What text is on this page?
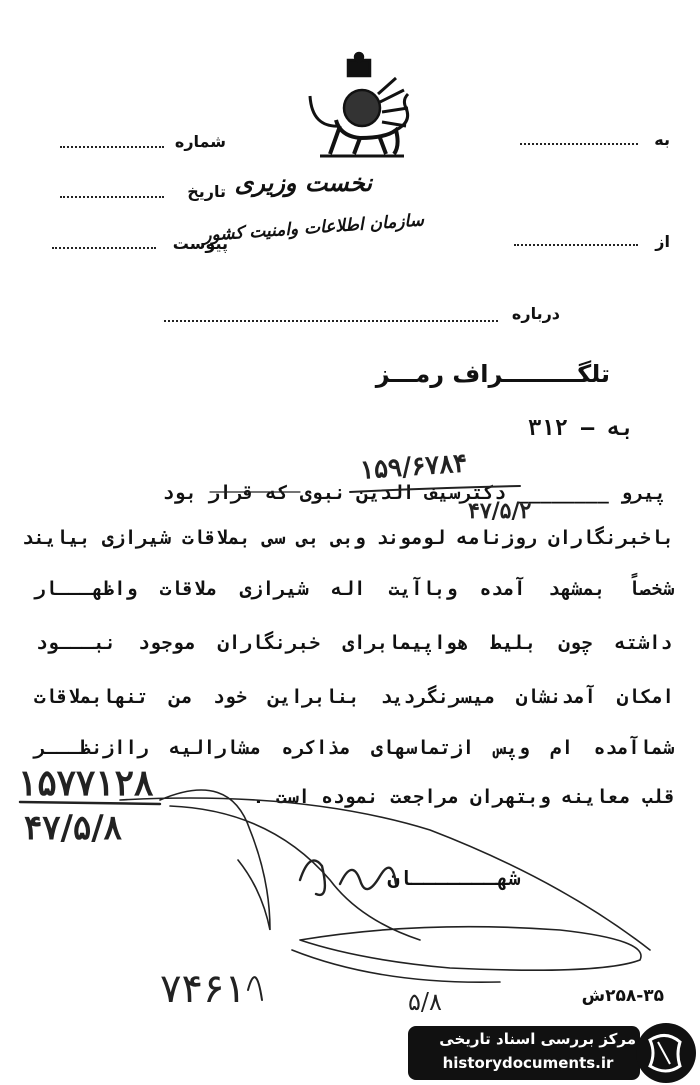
نخست وزیری
سازمان اطلاعات وامنیت کشور
شماره
تاریخ
پیوست
به
از
درباره
تلگـــــــــراف رمـــز
به — ۳۱۲
پیرو ________ دکترسیف الدین نبوی که قرار بود
باخبرنگاران روزنامه لوموند وبی بی سی بملاقات شیرازی بیایند
شخصاً بمشهد آمده وباآیت اله شیرازی ملاقات واظهـــار
داشته چون بلیط هواپیمابرای خبرنگاران موجود نبـــود
امکان آمدنشان میسرنگردید بنابراین خود من تنهابملاقات
شماآمده ام وپس ازتماسهای مذاکره مشارالیه راازنظـــر
قلب معاینه وبتهران مراجعت نموده است .
۱۵۹/۶۷۸۴
۴۷/۵/۲
۱۵۷۷۱۲۸
۴۷/۵/۸
شهـــــــان
۷۴۶۱	۵/۸	۲۵۸-۳۵ش
مرکز بررسی اسناد تاریخی
historydocuments.ir
